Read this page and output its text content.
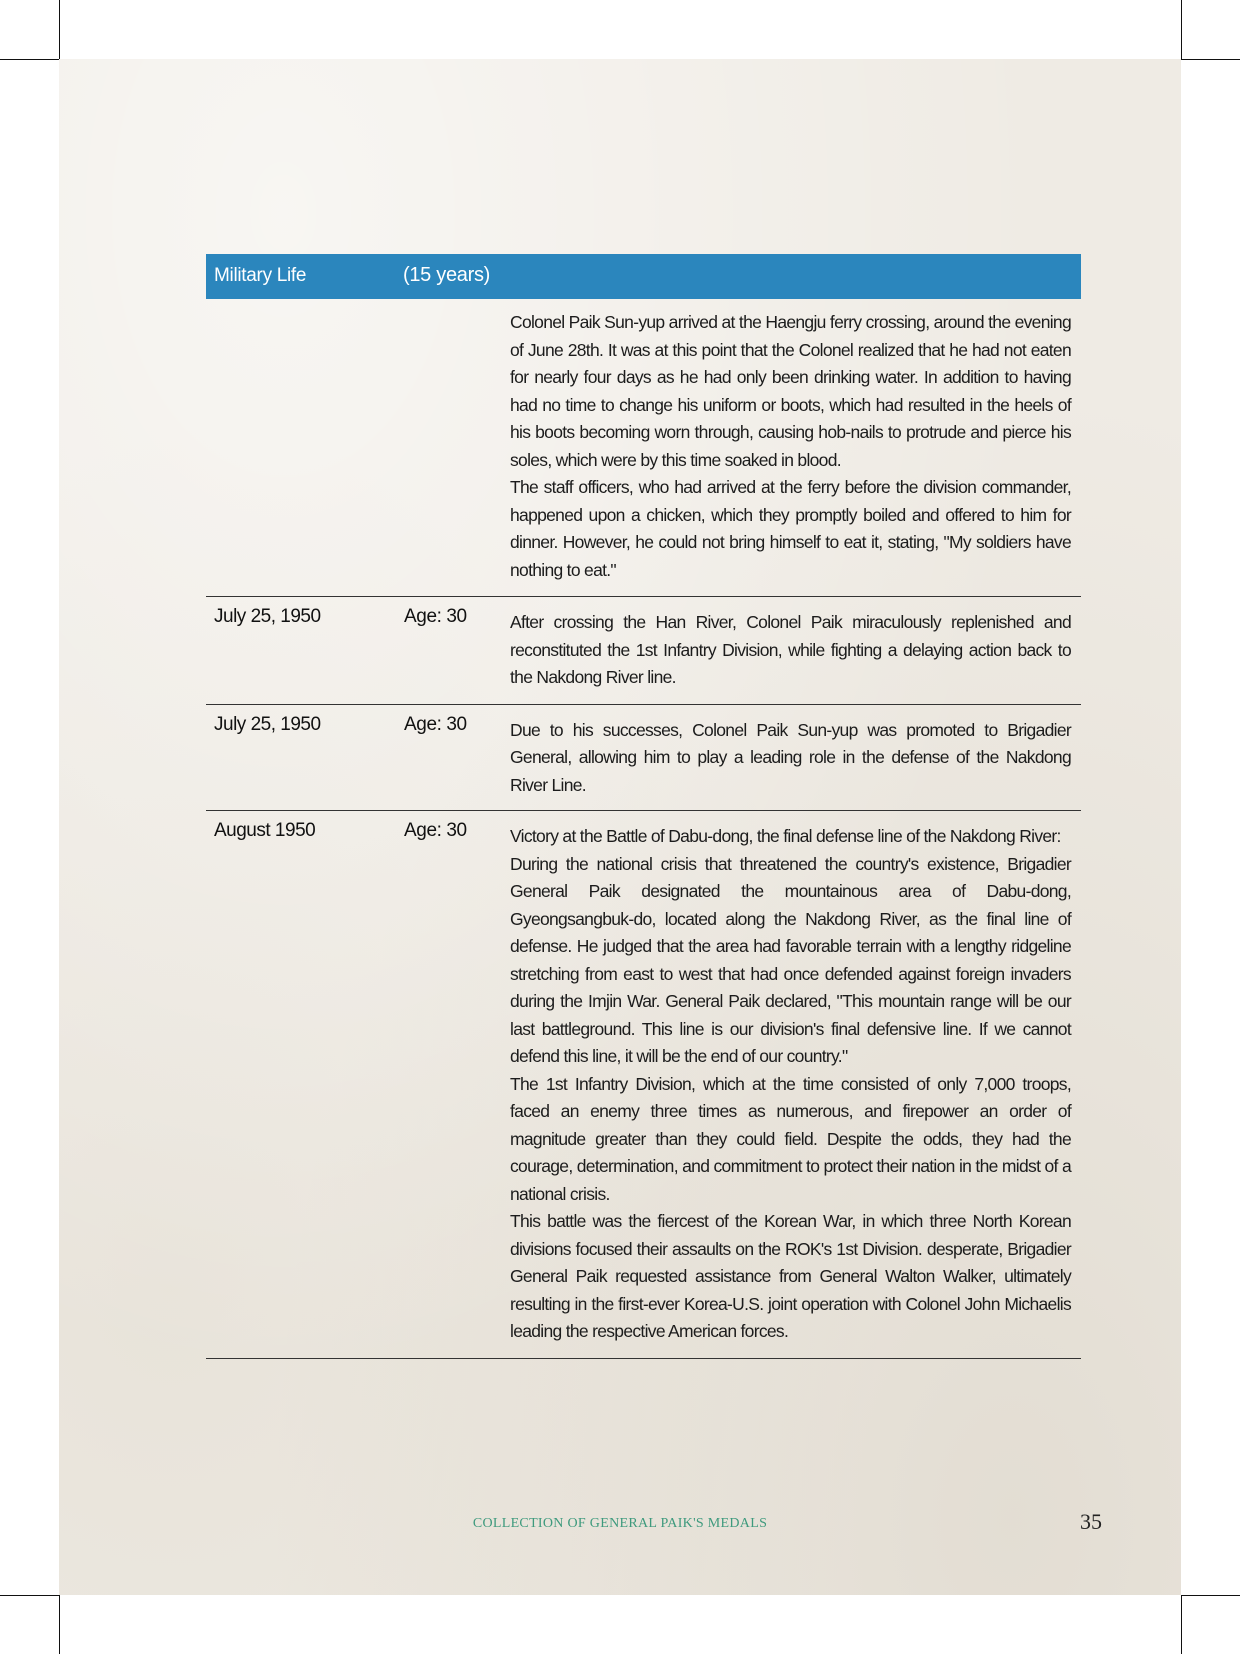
Military Life	(15 years)

Colonel Paik Sun-yup arrived at the Haengju ferry crossing, around the evening of June 28th. It was at this point that the Colonel realized that he had not eaten for nearly four days as he had only been drinking water. In addition to having had no time to change his uniform or boots, which had resulted in the heels of his boots becoming worn through, causing hob-nails to protrude and pierce his soles, which were by this time soaked in blood.

The staff officers, who had arrived at the ferry before the division commander, happened upon a chicken, which they promptly boiled and offered to him for dinner. However, he could not bring himself to eat it, stating, "My soldiers have nothing to eat."

July 25, 1950	Age: 30 After crossing the Han River, Colonel Paik miraculously replenished and reconstituted the 1st Infantry Division, while fighting a delaying action back to the Nakdong River line.

July 25, 1950	Age: 30 Due to his successes, Colonel Paik Sun-yup was promoted to Brigadier General, allowing him to play a leading role in the defense of the Nakdong River Line.

August 1950	Age: 30 Victory at the Battle of Dabu-dong, the final defense line of the Nakdong River:

During the national crisis that threatened the country's existence, Brigadier General Paik designated the mountainous area of Dabu-dong, Gyeongsangbuk-do, located along the Nakdong River, as the final line of defense. He judged that the area had favorable terrain with a lengthy ridgeline stretching from east to west that had once defended against foreign invaders during the Imjin War. General Paik declared, "This mountain range will be our last battleground. This line is our division's final defensive line. If we cannot defend this line, it will be the end of our country."

The 1st Infantry Division, which at the time consisted of only 7,000 troops, faced an enemy three times as numerous, and firepower an order of magnitude greater than they could field. Despite the odds, they had the courage, determination, and commitment to protect their nation in the midst of a national crisis.

This battle was the fiercest of the Korean War, in which three North Korean divisions focused their assaults on the ROK's 1st Division. desperate, Brigadier General Paik requested assistance from General Walton Walker, ultimately resulting in the first-ever Korea-U.S. joint operation with Colonel John Michaelis leading the respective American forces.

COLLECTION OF GENERAL PAIK'S MEDALS	35
